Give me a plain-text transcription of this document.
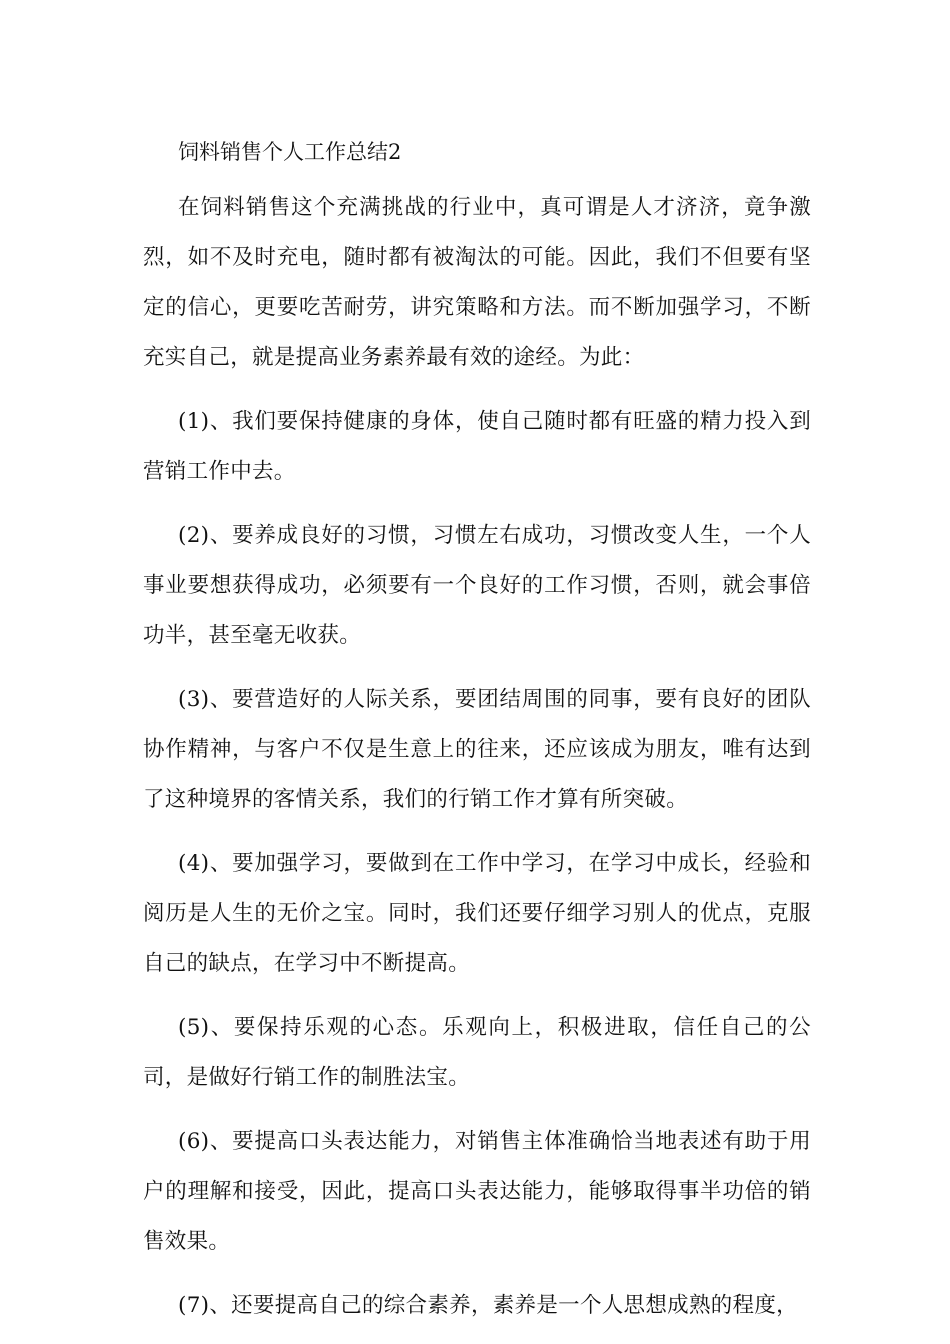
饲料销售个人工作总结2

在饲料销售这个充满挑战的行业中，真可谓是人才济济，竟争激烈，如不及时充电，随时都有被淘汰的可能。因此，我们不但要有坚定的信心，更要吃苦耐劳，讲究策略和方法。而不断加强学习，不断充实自己，就是提高业务素养最有效的途经。为此：

(1)、我们要保持健康的身体，使自己随时都有旺盛的精力投入到营销工作中去。

(2)、要养成良好的习惯，习惯左右成功，习惯改变人生，一个人事业要想获得成功，必须要有一个良好的工作习惯，否则，就会事倍功半，甚至毫无收获。

(3)、要营造好的人际关系，要团结周围的同事，要有良好的团队协作精神，与客户不仅是生意上的往来，还应该成为朋友，唯有达到了这种境界的客情关系，我们的行销工作才算有所突破。

(4)、要加强学习，要做到在工作中学习，在学习中成长，经验和阅历是人生的无价之宝。同时，我们还要仔细学习别人的优点，克服自己的缺点，在学习中不断提高。

(5)、要保持乐观的心态。乐观向上，积极进取，信任自己的公司，是做好行销工作的制胜法宝。

(6)、要提高口头表达能力，对销售主体准确恰当地表述有助于用户的理解和接受，因此，提高口头表达能力，能够取得事半功倍的销售效果。

(7)、还要提高自己的综合素养，素养是一个人思想成熟的程度，
